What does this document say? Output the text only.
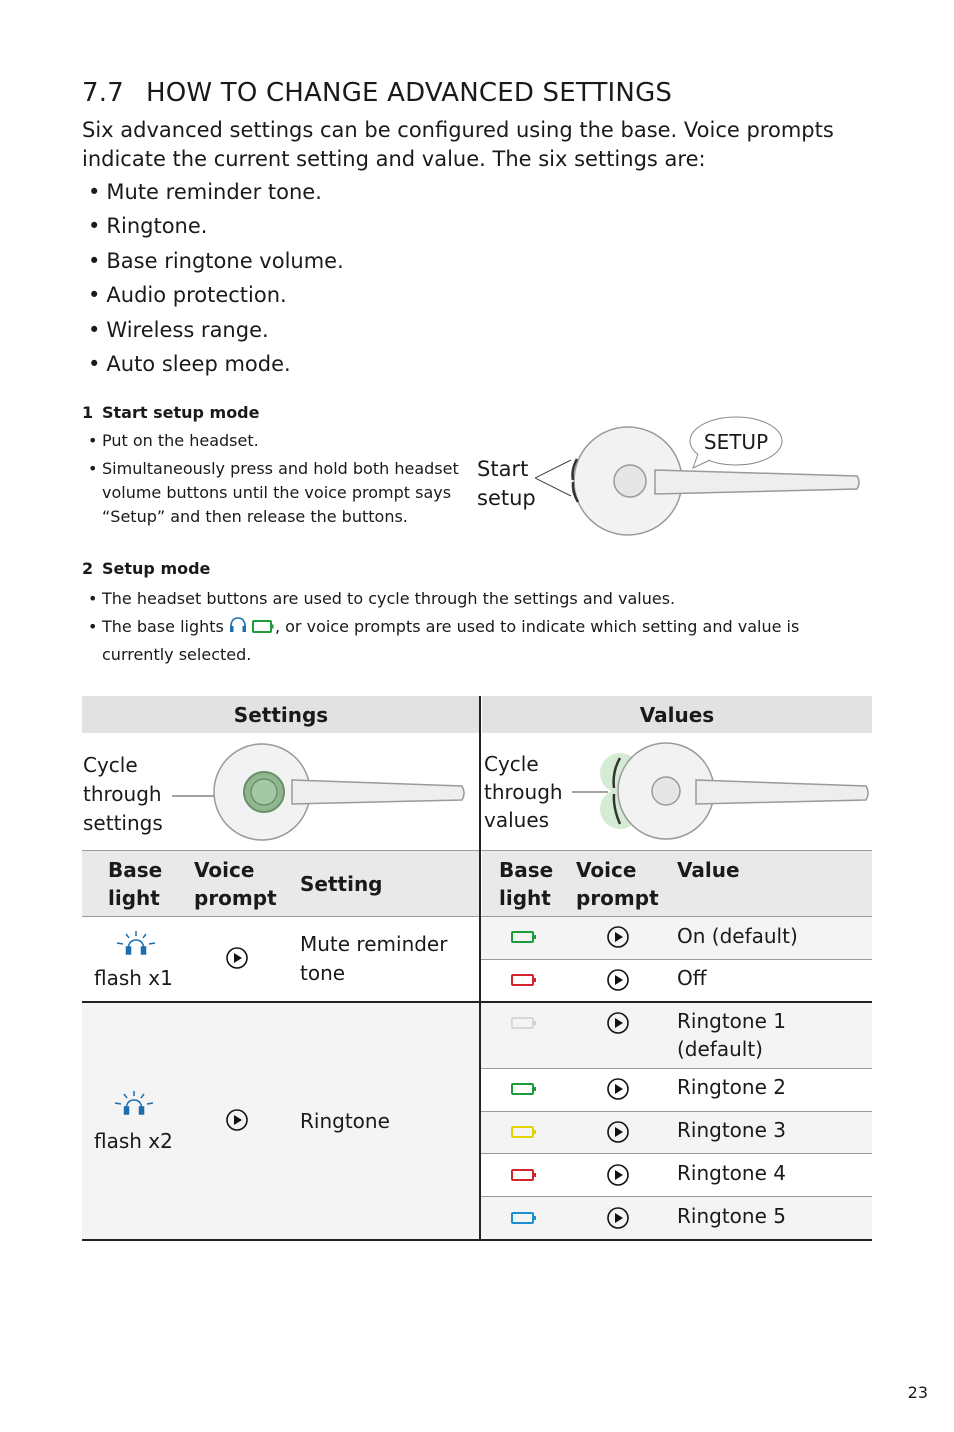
7.7 HOW TO CHANGE ADVANCED SETTINGS
Six advanced settings can be configured using the base. Voice prompts indicate the current setting and value. The six settings are:
• Mute reminder tone.
• Ringtone.
• Base ringtone volume.
• Audio protection.
• Wireless range.
• Auto sleep mode.
1 Start setup mode
• Put on the headset.
• Simultaneously press and hold both headset volume buttons until the voice prompt says “Setup” and then release the buttons.
Start
setup
SETUP
2 Setup mode
• The headset buttons are used to cycle through the settings and values.
• The base lights	, or voice prompts are used to indicate which setting and value is
currently selected.
Settings	Values
Cycle
through
settings
Cycle
through
values
Base
light
Voice
prompt
Setting
Base
light
Voice
prompt
Value
flash x1
Mute reminder
tone
On (default)
Off
flash x2
Ringtone
Ringtone 1
(default)
Ringtone 2
Ringtone 3
Ringtone 4
Ringtone 5
23
